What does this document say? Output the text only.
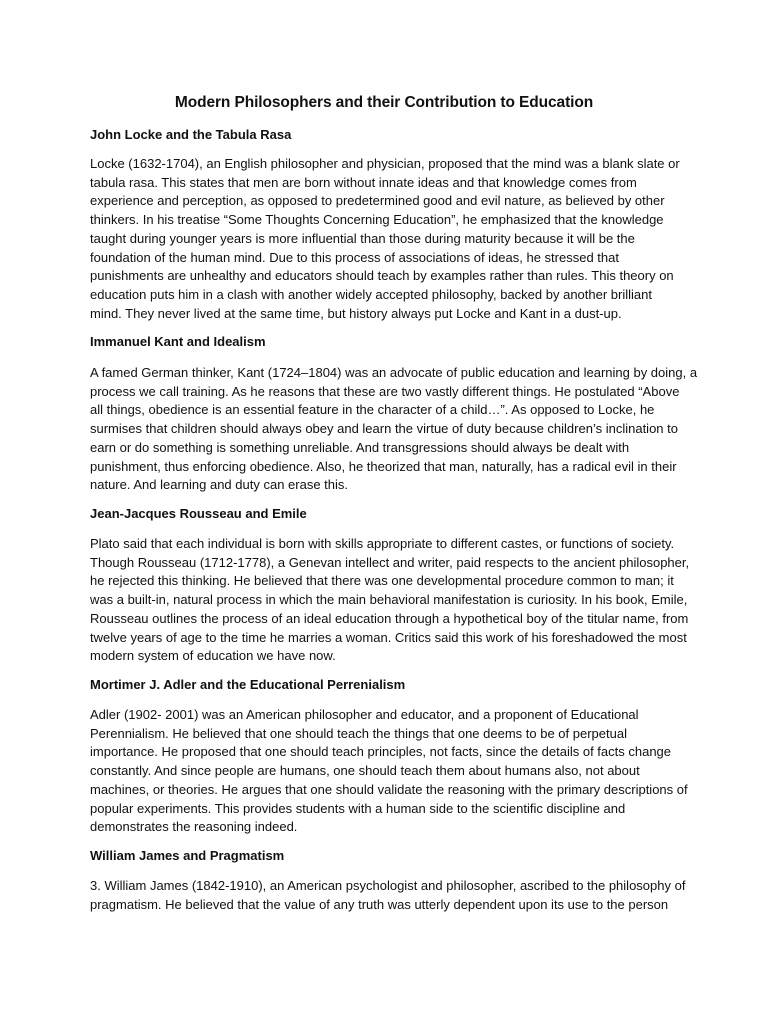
Modern Philosophers and their Contribution to Education
John Locke and the Tabula Rasa
Locke (1632-1704), an English philosopher and physician, proposed that the mind was a blank slate or
tabula rasa. This states that men are born without innate ideas and that knowledge comes from
experience and perception, as opposed to predetermined good and evil nature, as believed by other
thinkers. In his treatise “Some Thoughts Concerning Education”, he emphasized that the knowledge
taught during younger years is more influential than those during maturity because it will be the
foundation of the human mind. Due to this process of associations of ideas, he stressed that
punishments are unhealthy and educators should teach by examples rather than rules. This theory on
education puts him in a clash with another widely accepted philosophy, backed by another brilliant
mind. They never lived at the same time, but history always put Locke and Kant in a dust-up.
Immanuel Kant and Idealism
A famed German thinker, Kant (1724–1804) was an advocate of public education and learning by doing, a
process we call training. As he reasons that these are two vastly different things. He postulated “Above
all things, obedience is an essential feature in the character of a child…”. As opposed to Locke, he
surmises that children should always obey and learn the virtue of duty because children’s inclination to
earn or do something is something unreliable. And transgressions should always be dealt with
punishment, thus enforcing obedience. Also, he theorized that man, naturally, has a radical evil in their
nature. And learning and duty can erase this.
Jean-Jacques Rousseau and Emile
Plato said that each individual is born with skills appropriate to different castes, or functions of society.
Though Rousseau (1712-1778), a Genevan intellect and writer, paid respects to the ancient philosopher,
he rejected this thinking. He believed that there was one developmental procedure common to man; it
was a built-in, natural process in which the main behavioral manifestation is curiosity. In his book, Emile,
Rousseau outlines the process of an ideal education through a hypothetical boy of the titular name, from
twelve years of age to the time he marries a woman. Critics said this work of his foreshadowed the most
modern system of education we have now.
Mortimer J. Adler and the Educational Perrenialism
Adler (1902- 2001) was an American philosopher and educator, and a proponent of Educational
Perennialism. He believed that one should teach the things that one deems to be of perpetual
importance. He proposed that one should teach principles, not facts, since the details of facts change
constantly. And since people are humans, one should teach them about humans also, not about
machines, or theories. He argues that one should validate the reasoning with the primary descriptions of
popular experiments. This provides students with a human side to the scientific discipline and
demonstrates the reasoning indeed.
William James and Pragmatism
3. William James (1842-1910), an American psychologist and philosopher, ascribed to the philosophy of
pragmatism. He believed that the value of any truth was utterly dependent upon its use to the person
